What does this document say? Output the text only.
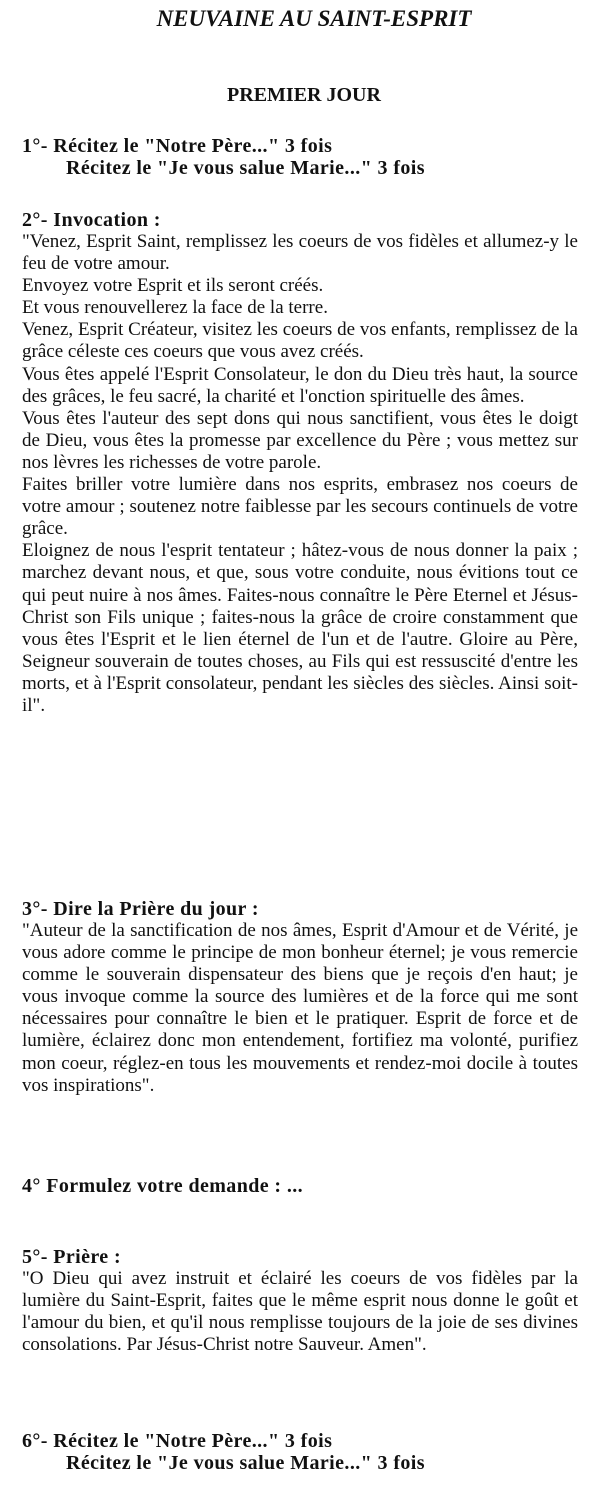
NEUVAINE AU SAINT-ESPRIT
PREMIER JOUR
1°- Récitez le "Notre Père..." 3 fois
Récitez le "Je vous salue Marie..." 3 fois
2°- Invocation :

"Venez, Esprit Saint, remplissez les coeurs de vos fidèles et allumez-y le feu de votre amour.

Envoyez votre Esprit et ils seront créés.

Et vous renouvellerez la face de la terre.

Venez, Esprit Créateur, visitez les coeurs de vos enfants, remplissez de la grâce céleste ces coeurs que vous avez créés.

Vous êtes appelé l'Esprit Consolateur, le don du Dieu très haut, la source des grâces, le feu sacré, la charité et l'onction spirituelle des âmes.

Vous êtes l'auteur des sept dons qui nous sanctifient, vous êtes le doigt de Dieu, vous êtes la promesse par excellence du Père ; vous mettez sur nos lèvres les richesses de votre parole.

Faites briller votre lumière dans nos esprits, embrasez nos coeurs de votre amour ; soutenez notre faiblesse par les secours continuels de votre grâce.

Eloignez de nous l'esprit tentateur ; hâtez-vous de nous donner la paix ; marchez devant nous, et que, sous votre conduite, nous évitions tout ce qui peut nuire à nos âmes. Faites-nous connaître le Père Eternel et Jésus-Christ son Fils unique ; faites-nous la grâce de croire constamment que vous êtes l'Esprit et le lien éternel de l'un et de l'autre. Gloire au Père, Seigneur souverain de toutes choses, au Fils qui est ressuscité d'entre les morts, et à l'Esprit consolateur, pendant les siècles des siècles. Ainsi soit-il".

3°- Dire la Prière du jour :

"Auteur de la sanctification de nos âmes, Esprit d'Amour et de Vérité, je vous adore comme le principe de mon bonheur éternel; je vous remercie comme le souverain dispensateur des biens que je reçois d'en haut; je vous invoque comme la source des lumières et de la force qui me sont nécessaires pour connaître le bien et le pratiquer. Esprit de force et de lumière, éclairez donc mon entendement, fortifiez ma volonté, purifiez mon coeur, réglez-en tous les mouvements et rendez-moi docile à toutes vos inspirations".

4° Formulez votre demande : ...
5°- Prière :

"O Dieu qui avez instruit et éclairé les coeurs de vos fidèles par la lumière du Saint-Esprit, faites que le même esprit nous donne le goût et l'amour du bien, et qu'il nous remplisse toujours de la joie de ses divines consolations. Par Jésus-Christ notre Sauveur. Amen".

6°- Récitez le "Notre Père..." 3 fois
Récitez le "Je vous salue Marie..." 3 fois
